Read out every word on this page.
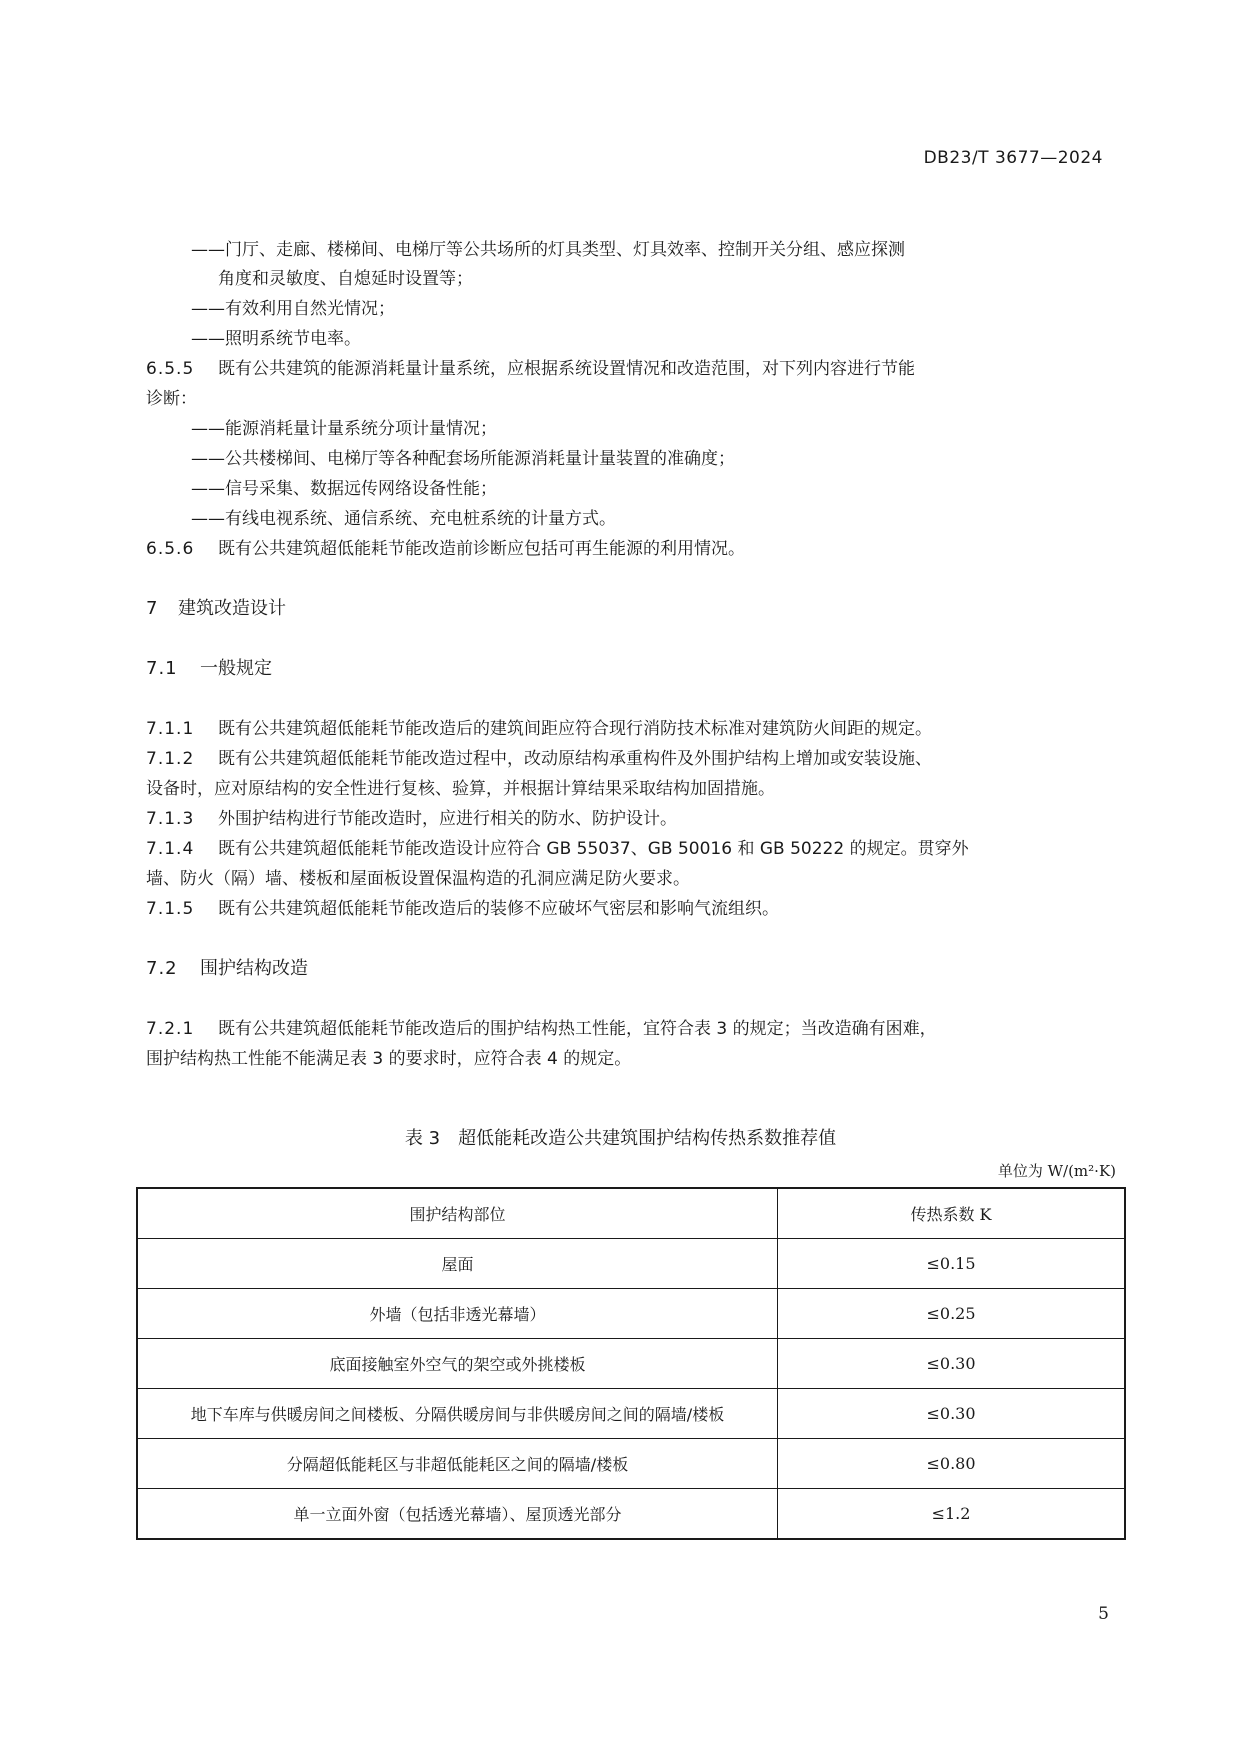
DB23/T 3677—2024
——门厅、走廊、楼梯间、电梯厅等公共场所的灯具类型、灯具效率、控制开关分组、感应探测
角度和灵敏度、自熄延时设置等；
——有效利用自然光情况；
——照明系统节电率。
6.5.5 既有公共建筑的能源消耗量计量系统，应根据系统设置情况和改造范围，对下列内容进行节能
诊断：
——能源消耗量计量系统分项计量情况；
——公共楼梯间、电梯厅等各种配套场所能源消耗量计量装置的准确度；
——信号采集、数据远传网络设备性能；
——有线电视系统、通信系统、充电桩系统的计量方式。
6.5.6 既有公共建筑超低能耗节能改造前诊断应包括可再生能源的利用情况。
7 建筑改造设计
7.1 一般规定
7.1.1 既有公共建筑超低能耗节能改造后的建筑间距应符合现行消防技术标准对建筑防火间距的规定。
7.1.2 既有公共建筑超低能耗节能改造过程中，改动原结构承重构件及外围护结构上增加或安装设施、
设备时，应对原结构的安全性进行复核、验算，并根据计算结果采取结构加固措施。
7.1.3 外围护结构进行节能改造时，应进行相关的防水、防护设计。
7.1.4 既有公共建筑超低能耗节能改造设计应符合 GB 55037、GB 50016 和 GB 50222 的规定。贯穿外
墙、防火（隔）墙、楼板和屋面板设置保温构造的孔洞应满足防火要求。
7.1.5 既有公共建筑超低能耗节能改造后的装修不应破坏气密层和影响气流组织。
7.2 围护结构改造
7.2.1 既有公共建筑超低能耗节能改造后的围护结构热工性能，宜符合表 3 的规定；当改造确有困难，
围护结构热工性能不能满足表 3 的要求时，应符合表 4 的规定。
表 3　超低能耗改造公共建筑围护结构传热系数推荐值
单位为 W/(m²·K)
围护结构部位	传热系数 K
屋面	≤0.15
外墙（包括非透光幕墙）	≤0.25
底面接触室外空气的架空或外挑楼板	≤0.30
地下车库与供暖房间之间楼板、分隔供暖房间与非供暖房间之间的隔墙/楼板	≤0.30
分隔超低能耗区与非超低能耗区之间的隔墙/楼板	≤0.80
单一立面外窗（包括透光幕墙）、屋顶透光部分	≤1.2
5
